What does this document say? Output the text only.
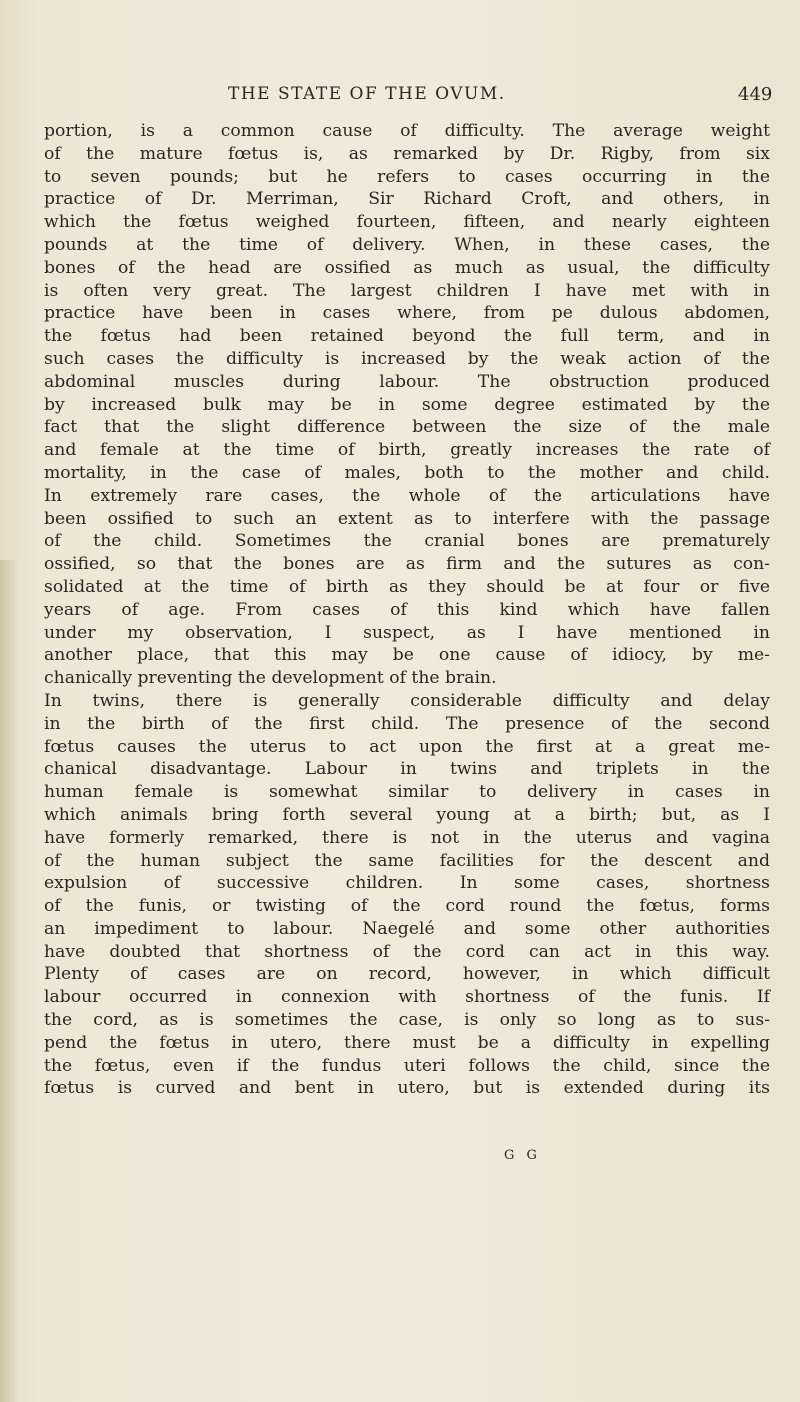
THE STATE OF THE OVUM.	449
portion, is a common cause of difficulty. The average weight
of the mature fœtus is, as remarked by Dr. Rigby, from six
to seven pounds; but he refers to cases occurring in the
practice of Dr. Merriman, Sir Richard Croft, and others, in
which the fœtus weighed fourteen, fifteen, and nearly eighteen
pounds at the time of delivery. When, in these cases, the
bones of the head are ossified as much as usual, the difficulty
is often very great. The largest children I have met with in
practice have been in cases where, from pe dulous abdomen,
the fœtus had been retained beyond the full term, and in
such cases the difficulty is increased by the weak action of the
abdominal muscles during labour. The obstruction produced
by increased bulk may be in some degree estimated by the
fact that the slight difference between the size of the male
and female at the time of birth, greatly increases the rate of
mortality, in the case of males, both to the mother and child.
In extremely rare cases, the whole of the articulations have
been ossified to such an extent as to interfere with the passage
of the child. Sometimes the cranial bones are prematurely
ossified, so that the bones are as firm and the sutures as con-
solidated at the time of birth as they should be at four or five
years of age. From cases of this kind which have fallen
under my observation, I suspect, as I have mentioned in
another place, that this may be one cause of idiocy, by me-
chanically preventing the development of the brain.
In twins, there is generally considerable difficulty and delay
in the birth of the first child. The presence of the second
fœtus causes the uterus to act upon the first at a great me-
chanical disadvantage. Labour in twins and triplets in the
human female is somewhat similar to delivery in cases in
which animals bring forth several young at a birth; but, as I
have formerly remarked, there is not in the uterus and vagina
of the human subject the same facilities for the descent and
expulsion of successive children. In some cases, shortness
of the funis, or twisting of the cord round the fœtus, forms
an impediment to labour. Naegelé and some other authorities
have doubted that shortness of the cord can act in this way.
Plenty of cases are on record, however, in which difficult
labour occurred in connexion with shortness of the funis. If
the cord, as is sometimes the case, is only so long as to sus-
pend the fœtus in utero, there must be a difficulty in expelling
the fœtus, even if the fundus uteri follows the child, since the
fœtus is curved and bent in utero, but is extended during its
G G
